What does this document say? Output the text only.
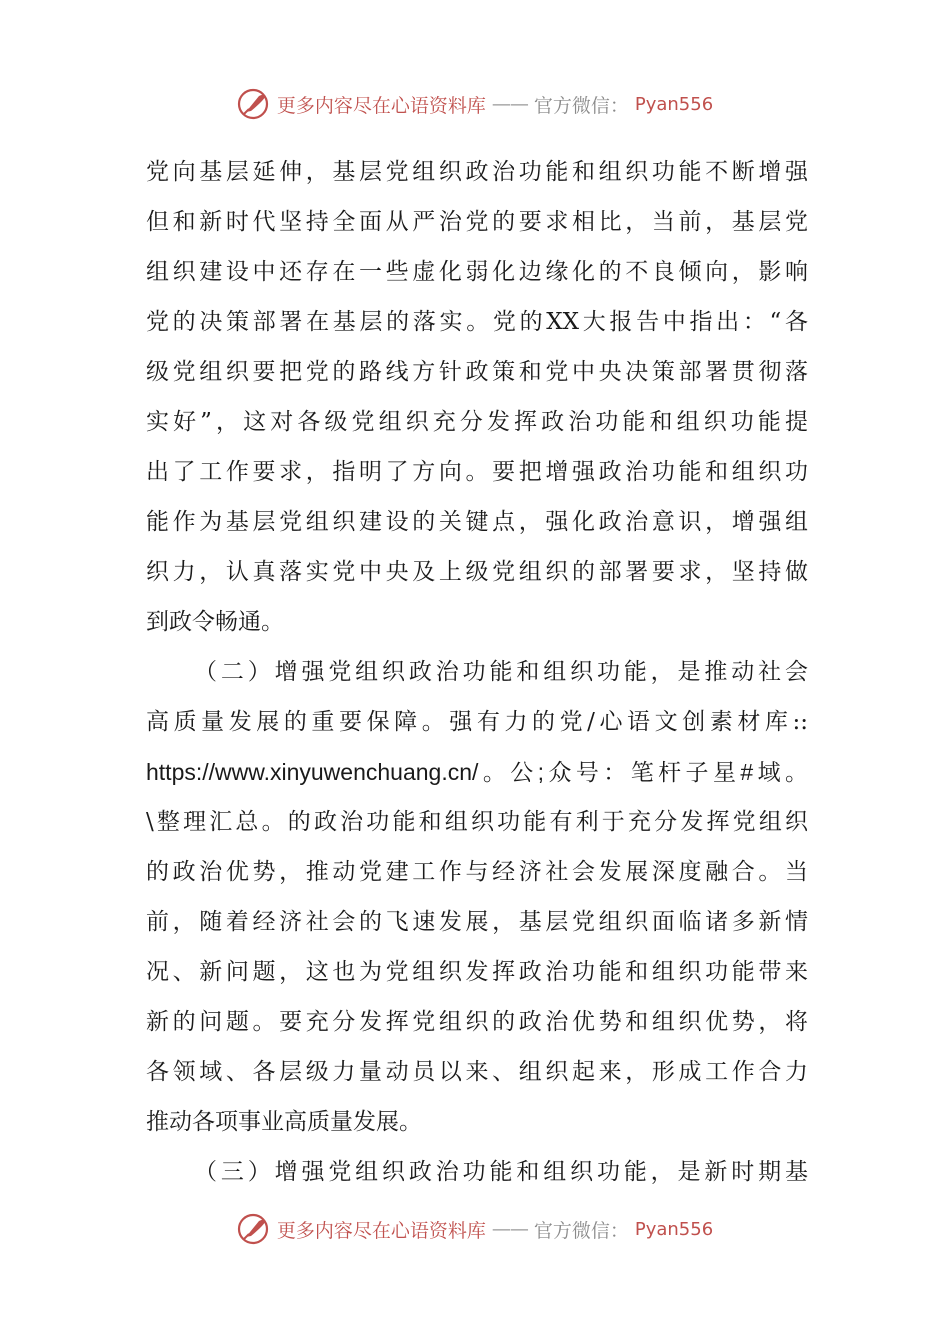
更多内容尽在心语资料库 —— 官方微信： Pyan556
党向基层延伸，基层党组织政治功能和组织功能不断增强
但和新时代坚持全面从严治党的要求相比，当前，基层党
组织建设中还存在一些虚化弱化边缘化的不良倾向，影响
党的决策部署在基层的落实。党的XX大报告中指出：“各
级党组织要把党的路线方针政策和党中央决策部署贯彻落
实好”，这对各级党组织充分发挥政治功能和组织功能提
出了工作要求，指明了方向。要把增强政治功能和组织功
能作为基层党组织建设的关键点，强化政治意识，增强组
织力，认真落实党中央及上级党组织的部署要求，坚持做
到政令畅通。
（二）增强党组织政治功能和组织功能，是推动社会
高质量发展的重要保障。强有力的党/心语文创素材库::
https://www.xinyuwenchuang.cn/。公;众号：笔杆子星#域。
\整理汇总。的政治功能和组织功能有利于充分发挥党组织
的政治优势，推动党建工作与经济社会发展深度融合。当
前，随着经济社会的飞速发展，基层党组织面临诸多新情
况、新问题，这也为党组织发挥政治功能和组织功能带来
新的问题。要充分发挥党组织的政治优势和组织优势，将
各领域、各层级力量动员以来、组织起来，形成工作合力
推动各项事业高质量发展。
（三）增强党组织政治功能和组织功能，是新时期基
更多内容尽在心语资料库 —— 官方微信： Pyan556
